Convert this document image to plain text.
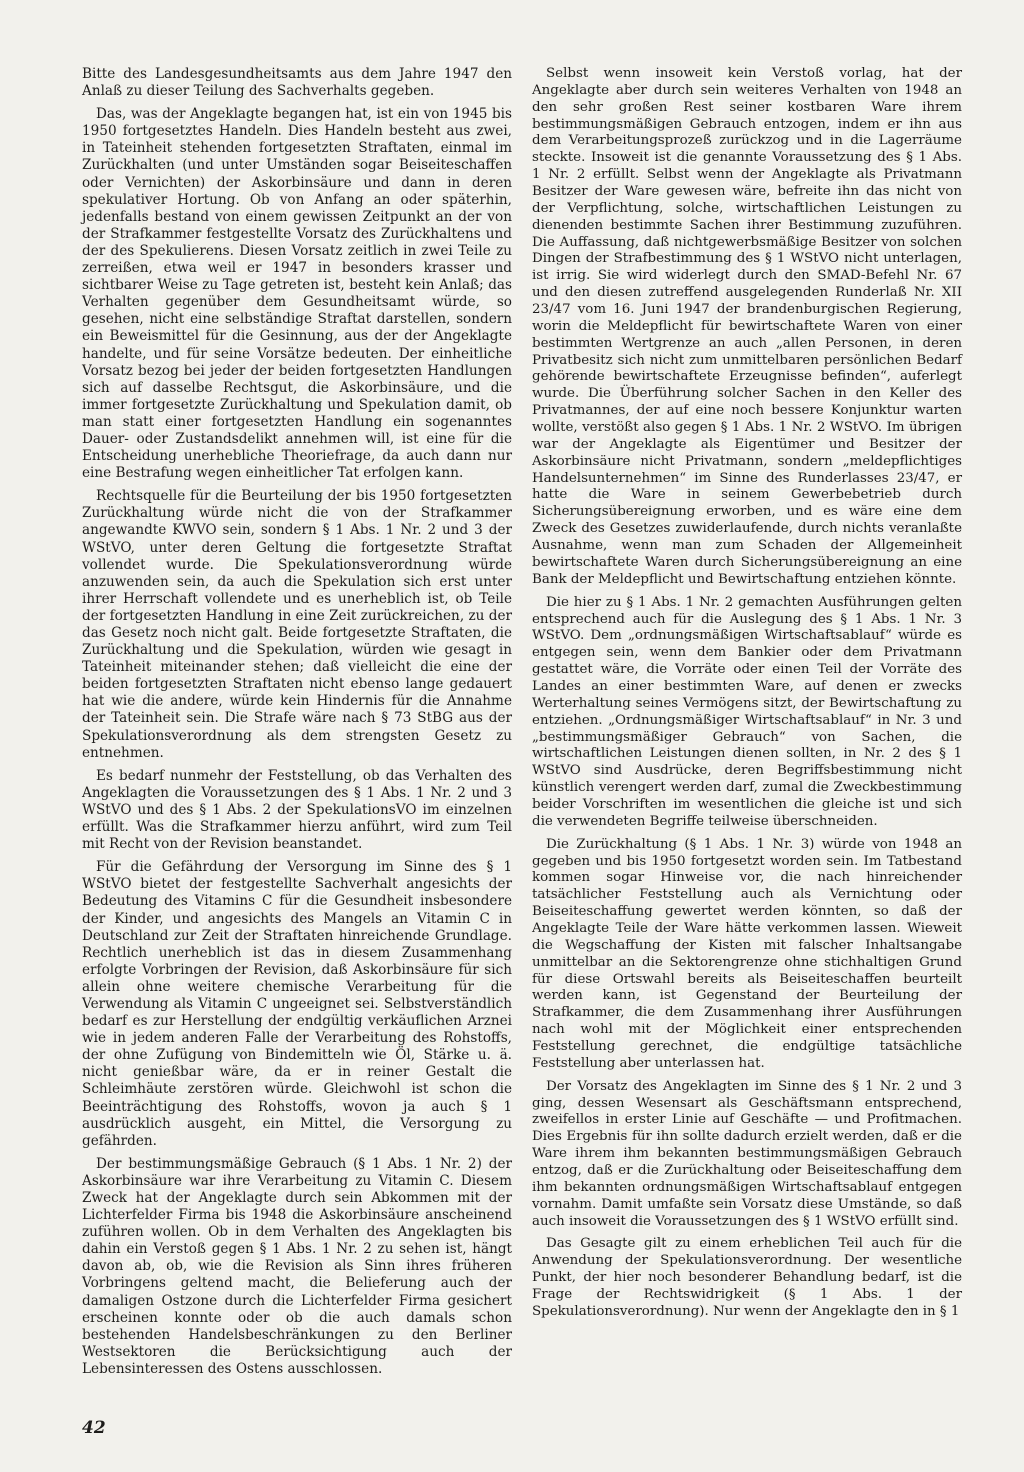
Bitte des Landesgesundheitsamts aus dem Jahre 1947 den Anlaß zu dieser Teilung des Sachverhalts gegeben.

Das, was der Angeklagte begangen hat, ist ein von 1945 bis 1950 fortgesetztes Handeln. Dies Handeln besteht aus zwei, in Tateinheit stehenden fortgesetzten Straftaten, einmal im Zurückhalten (und unter Umständen sogar Beiseiteschaffen oder Vernichten) der Askorbinsäure und dann in deren spekulativer Hortung. Ob von Anfang an oder späterhin, jedenfalls bestand von einem gewissen Zeitpunkt an der von der Strafkammer festgestellte Vorsatz des Zurückhaltens und der des Spekulierens. Diesen Vorsatz zeitlich in zwei Teile zu zerreißen, etwa weil er 1947 in besonders krasser und sichtbarer Weise zu Tage getreten ist, besteht kein Anlaß; das Verhalten gegenüber dem Gesundheitsamt würde, so gesehen, nicht eine selbständige Straftat darstellen, sondern ein Beweismittel für die Gesinnung, aus der der Angeklagte handelte, und für seine Vorsätze bedeuten. Der einheitliche Vorsatz bezog bei jeder der beiden fortgesetzten Handlungen sich auf dasselbe Rechtsgut, die Askorbinsäure, und die immer fortgesetzte Zurückhaltung und Spekulation damit, ob man statt einer fortgesetzten Handlung ein sogenanntes Dauer- oder Zustandsdelikt annehmen will, ist eine für die Entscheidung unerhebliche Theoriefrage, da auch dann nur eine Bestrafung wegen einheitlicher Tat erfolgen kann.

Rechtsquelle für die Beurteilung der bis 1950 fortgesetzten Zurückhaltung würde nicht die von der Strafkammer angewandte KWVO sein, sondern § 1 Abs. 1 Nr. 2 und 3 der WStVO, unter deren Geltung die fortgesetzte Straftat vollendet wurde. Die Spekulationsverordnung würde anzuwenden sein, da auch die Spekulation sich erst unter ihrer Herrschaft vollendete und es unerheblich ist, ob Teile der fortgesetzten Handlung in eine Zeit zurückreichen, zu der das Gesetz noch nicht galt. Beide fortgesetzte Straftaten, die Zurückhaltung und die Spekulation, würden wie gesagt in Tateinheit miteinander stehen; daß vielleicht die eine der beiden fortgesetzten Straftaten nicht ebenso lange gedauert hat wie die andere, würde kein Hindernis für die Annahme der Tateinheit sein. Die Strafe wäre nach § 73 StBG aus der Spekulationsverordnung als dem strengsten Gesetz zu entnehmen.

Es bedarf nunmehr der Feststellung, ob das Verhalten des Angeklagten die Voraussetzungen des § 1 Abs. 1 Nr. 2 und 3 WStVO und des § 1 Abs. 2 der SpekulationsVO im einzelnen erfüllt. Was die Strafkammer hierzu anführt, wird zum Teil mit Recht von der Revision beanstandet.

Für die Gefährdung der Versorgung im Sinne des § 1 WStVO bietet der festgestellte Sachverhalt angesichts der Bedeutung des Vitamins C für die Gesundheit insbesondere der Kinder, und angesichts des Mangels an Vitamin C in Deutschland zur Zeit der Straftaten hinreichende Grundlage. Rechtlich unerheblich ist das in diesem Zusammenhang erfolgte Vorbringen der Revision, daß Askorbinsäure für sich allein ohne weitere chemische Verarbeitung für die Verwendung als Vitamin C ungeeignet sei. Selbstverständlich bedarf es zur Herstellung der endgültig verkäuflichen Arznei wie in jedem anderen Falle der Verarbeitung des Rohstoffs, der ohne Zufügung von Bindemitteln wie Öl, Stärke u. ä. nicht genießbar wäre, da er in reiner Gestalt die Schleimhäute zerstören würde. Gleichwohl ist schon die Beeinträchtigung des Rohstoffs, wovon ja auch § 1 ausdrücklich ausgeht, ein Mittel, die Versorgung zu gefährden.

Der bestimmungsmäßige Gebrauch (§ 1 Abs. 1 Nr. 2) der Askorbinsäure war ihre Verarbeitung zu Vitamin C. Diesem Zweck hat der Angeklagte durch sein Abkommen mit der Lichterfelder Firma bis 1948 die Askorbinsäure anscheinend zuführen wollen. Ob in dem Verhalten des Angeklagten bis dahin ein Verstoß gegen § 1 Abs. 1 Nr. 2 zu sehen ist, hängt davon ab, ob, wie die Revision als Sinn ihres früheren Vorbringens geltend macht, die Belieferung auch der damaligen Ostzone durch die Lichterfelder Firma gesichert erscheinen konnte oder ob die auch damals schon bestehenden Handelsbeschränkungen zu den Berliner Westsektoren die Berücksichtigung auch der Lebensinteressen des Ostens ausschlossen.

Selbst wenn insoweit kein Verstoß vorlag, hat der Angeklagte aber durch sein weiteres Verhalten von 1948 an den sehr großen Rest seiner kostbaren Ware ihrem bestimmungsmäßigen Gebrauch entzogen, indem er ihn aus dem Verarbeitungsprozeß zurückzog und in die Lagerräume steckte. Insoweit ist die genannte Voraussetzung des § 1 Abs. 1 Nr. 2 erfüllt. Selbst wenn der Angeklagte als Privatmann Besitzer der Ware gewesen wäre, befreite ihn das nicht von der Verpflichtung, solche, wirtschaftlichen Leistungen zu dienenden bestimmte Sachen ihrer Bestimmung zuzuführen. Die Auffassung, daß nichtgewerbsmäßige Besitzer von solchen Dingen der Strafbestimmung des § 1 WStVO nicht unterlagen, ist irrig. Sie wird widerlegt durch den SMAD-Befehl Nr. 67 und den diesen zutreffend ausgelegenden Runderlaß Nr. XII 23/47 vom 16. Juni 1947 der brandenburgischen Regierung, worin die Meldepflicht für bewirtschaftete Waren von einer bestimmten Wertgrenze an auch „allen Personen, in deren Privatbesitz sich nicht zum unmittelbaren persönlichen Bedarf gehörende bewirtschaftete Erzeugnisse befinden“, auferlegt wurde. Die Überführung solcher Sachen in den Keller des Privatmannes, der auf eine noch bessere Konjunktur warten wollte, verstößt also gegen § 1 Abs. 1 Nr. 2 WStVO. Im übrigen war der Angeklagte als Eigentümer und Besitzer der Askorbinsäure nicht Privatmann, sondern „meldepflichtiges Handelsunternehmen“ im Sinne des Runderlasses 23/47, er hatte die Ware in seinem Gewerbebetrieb durch Sicherungsübereignung erworben, und es wäre eine dem Zweck des Gesetzes zuwiderlaufende, durch nichts veranlaßte Ausnahme, wenn man zum Schaden der Allgemeinheit bewirtschaftete Waren durch Sicherungsübereignung an eine Bank der Meldepflicht und Bewirtschaftung entziehen könnte.

Die hier zu § 1 Abs. 1 Nr. 2 gemachten Ausführungen gelten entsprechend auch für die Auslegung des § 1 Abs. 1 Nr. 3 WStVO. Dem „ordnungsmäßigen Wirtschaftsablauf“ würde es entgegen sein, wenn dem Bankier oder dem Privatmann gestattet wäre, die Vorräte oder einen Teil der Vorräte des Landes an einer bestimmten Ware, auf denen er zwecks Werterhaltung seines Vermögens sitzt, der Bewirtschaftung zu entziehen. „Ordnungsmäßiger Wirtschaftsablauf“ in Nr. 3 und „bestimmungsmäßiger Gebrauch“ von Sachen, die wirtschaftlichen Leistungen dienen sollten, in Nr. 2 des § 1 WStVO sind Ausdrücke, deren Begriffsbestimmung nicht künstlich verengert werden darf, zumal die Zweckbestimmung beider Vorschriften im wesentlichen die gleiche ist und sich die verwendeten Begriffe teilweise überschneiden.

Die Zurückhaltung (§ 1 Abs. 1 Nr. 3) würde von 1948 an gegeben und bis 1950 fortgesetzt worden sein. Im Tatbestand kommen sogar Hinweise vor, die nach hinreichender tatsächlicher Feststellung auch als Vernichtung oder Beiseiteschaffung gewertet werden könnten, so daß der Angeklagte Teile der Ware hätte verkommen lassen. Wieweit die Wegschaffung der Kisten mit falscher Inhaltsangabe unmittelbar an die Sektorengrenze ohne stichhaltigen Grund für diese Ortswahl bereits als Beiseiteschaffen beurteilt werden kann, ist Gegenstand der Beurteilung der Strafkammer, die dem Zusammenhang ihrer Ausführungen nach wohl mit der Möglichkeit einer entsprechenden Feststellung gerechnet, die endgültige tatsächliche Feststellung aber unterlassen hat.

Der Vorsatz des Angeklagten im Sinne des § 1 Nr. 2 und 3 ging, dessen Wesensart als Geschäftsmann entsprechend, zweifellos in erster Linie auf Geschäfte — und Profitmachen. Dies Ergebnis für ihn sollte dadurch erzielt werden, daß er die Ware ihrem ihm bekannten bestimmungsmäßigen Gebrauch entzog, daß er die Zurückhaltung oder Beiseiteschaffung dem ihm bekannten ordnungsmäßigen Wirtschaftsablauf entgegen vornahm. Damit umfaßte sein Vorsatz diese Umstände, so daß auch insoweit die Voraussetzungen des § 1 WStVO erfüllt sind.

Das Gesagte gilt zu einem erheblichen Teil auch für die Anwendung der Spekulationsverordnung. Der wesentliche Punkt, der hier noch besonderer Behandlung bedarf, ist die Frage der Rechtswidrigkeit (§ 1 Abs. 1 der Spekulationsverordnung). Nur wenn der Angeklagte den in § 1

42
